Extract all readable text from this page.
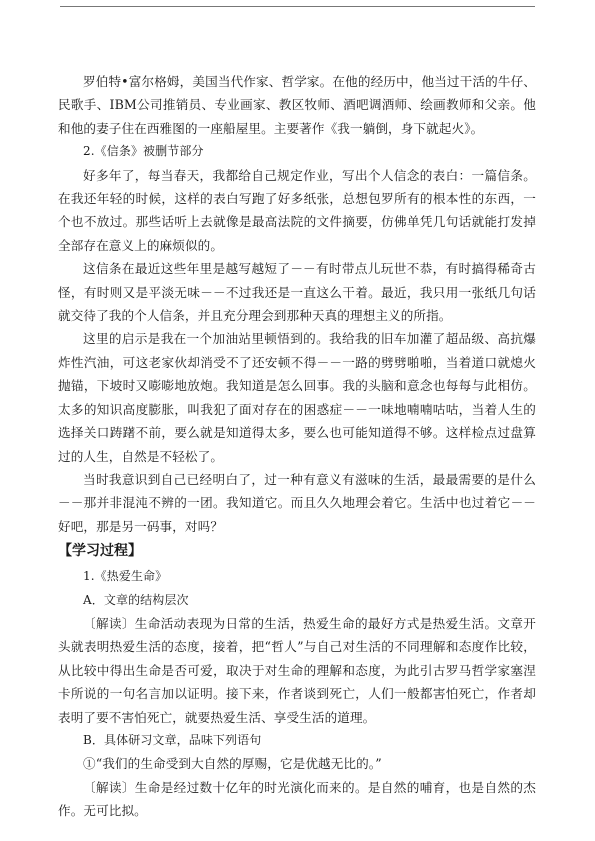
罗伯特•富尔格姆，美国当代作家、哲学家。在他的经历中，他当过干活的牛仔、民歌手、IBM公司推销员、专业画家、教区牧师、酒吧调酒师、绘画教师和父亲。他和他的妻子住在西雅图的一座船屋里。主要著作《我一躺倒，身下就起火》。

2.《信条》被删节部分

好多年了，每当春天，我都给自己规定作业，写出个人信念的表白：一篇信条。在我还年轻的时候，这样的表白写跑了好多纸张，总想包罗所有的根本性的东西，一个也不放过。那些话听上去就像是最高法院的文件摘要，仿佛单凭几句话就能打发掉全部存在意义上的麻烦似的。

这信条在最近这些年里是越写越短了－－有时带点儿玩世不恭，有时搞得稀奇古怪，有时则又是平淡无味－－不过我还是一直这么干着。最近，我只用一张纸几句话就交待了我的个人信条，并且充分理会到那种天真的理想主义的所指。

这里的启示是我在一个加油站里顿悟到的。我给我的旧车加灌了超品级、高抗爆炸性汽油，可这老家伙却消受不了还安顿不得－－一路的劈劈啪啪，当着道口就熄火抛锚，下坡时又嘭嘭地放炮。我知道是怎么回事。我的头脑和意念也每每与此相仿。太多的知识高度膨胀，叫我犯了面对存在的困惑症－－一味地喃喃咕咕，当着人生的选择关口踌躇不前，要么就是知道得太多，要么也可能知道得不够。这样检点过盘算过的人生，自然是不轻松了。

当时我意识到自己已经明白了，过一种有意义有滋味的生活，最最需要的是什么－－那并非混沌不辨的一团。我知道它。而且久久地理会着它。生活中也过着它－－好吧，那是另一码事，对吗？

【学习过程】

1.《热爱生命》

A．文章的结构层次

〔解读〕生命活动表现为日常的生活，热爱生命的最好方式是热爱生活。文章开头就表明热爱生活的态度，接着，把“哲人”与自己对生活的不同理解和态度作比较，从比较中得出生命是否可爱，取决于对生命的理解和态度，为此引古罗马哲学家塞涅卡所说的一句名言加以证明。接下来，作者谈到死亡，人们一般都害怕死亡，作者却表明了要不害怕死亡，就要热爱生活、享受生活的道理。

B．具体研习文章，品味下列语句

①“我们的生命受到大自然的厚赐，它是优越无比的。”

〔解读〕生命是经过数十亿年的时光演化而来的。是自然的哺育，也是自然的杰作。无可比拟。
